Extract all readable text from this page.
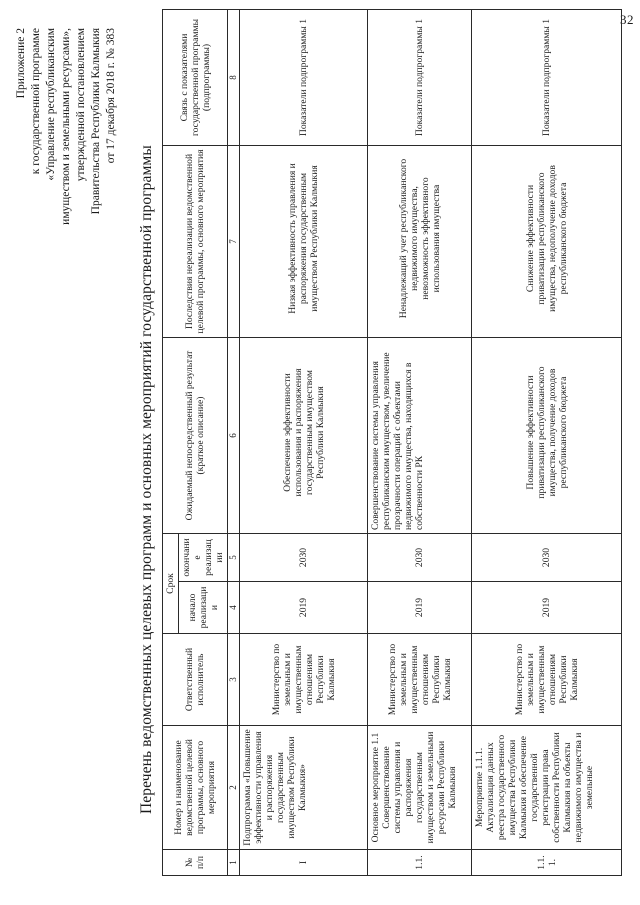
32
Приложение 2 к государственной программе «Управление республиканским имуществом и земельными ресурсами», утвержденной постановлением Правительства Республики Калмыкия от 17 декабря 2018 г. № 383
Перечень ведомственных целевых программ и основных мероприятий государственной программы
№ п/п	Номер и наименование ведомственной целевой программы, основного мероприятия	Ответственный исполнитель	Срок		Ожидаемый непосредственный результат (краткое описание)	Последствия нереализации ведомственной целевой программы, основного мероприятия	Связь с показателями государственной программы (подпрограммы)
			начало реализации	окончание реализации			
1	2	3	4	5	6	7	8
I	Подпрограмма «Повышение эффективности управления и распоряжения государственным имуществом Республики Калмыкия»	Министерство по земельным и имущественным отношениям Республики Калмыкия	2019	2030	Обеспечение эффективности использования и распоряжения государственным имуществом Республики Калмыкия	Низкая эффективность управления и распоряжения государственным имуществом Республики Калмыкия	Показатели подпрограммы 1
1.1.	Основное мероприятие 1.1 Совершенствование системы управления и распоряжения государственным имуществом и земельными ресурсами Республики Калмыкия	Министерство по земельным и имущественным отношениям Республики Калмыкия	2019	2030	Совершенствование системы управления республиканским имуществом, увеличение прозрачности операций с объектами недвижимого имущества, находящихся в собственности РК	Ненадлежащий учет республиканского недвижимого имущества, невозможность эффективного использования имущества	Показатели подпрограммы 1
1.1.1.	Мероприятие 1.1.1. Актуализация данных реестра государственного имущества Республики Калмыкия и обеспечение государственной регистрации права собственности Республики Калмыкия на объекты недвижимого имущества и земельные	Министерство по земельным и имущественным отношениям Республики Калмыкия	2019	2030	Повышение эффективности приватизации республиканского имущества, получение доходов республиканского бюджета	Снижение эффективности приватизации республиканского имущества, недополучение доходов республиканского бюджета	Показатели подпрограммы 1
